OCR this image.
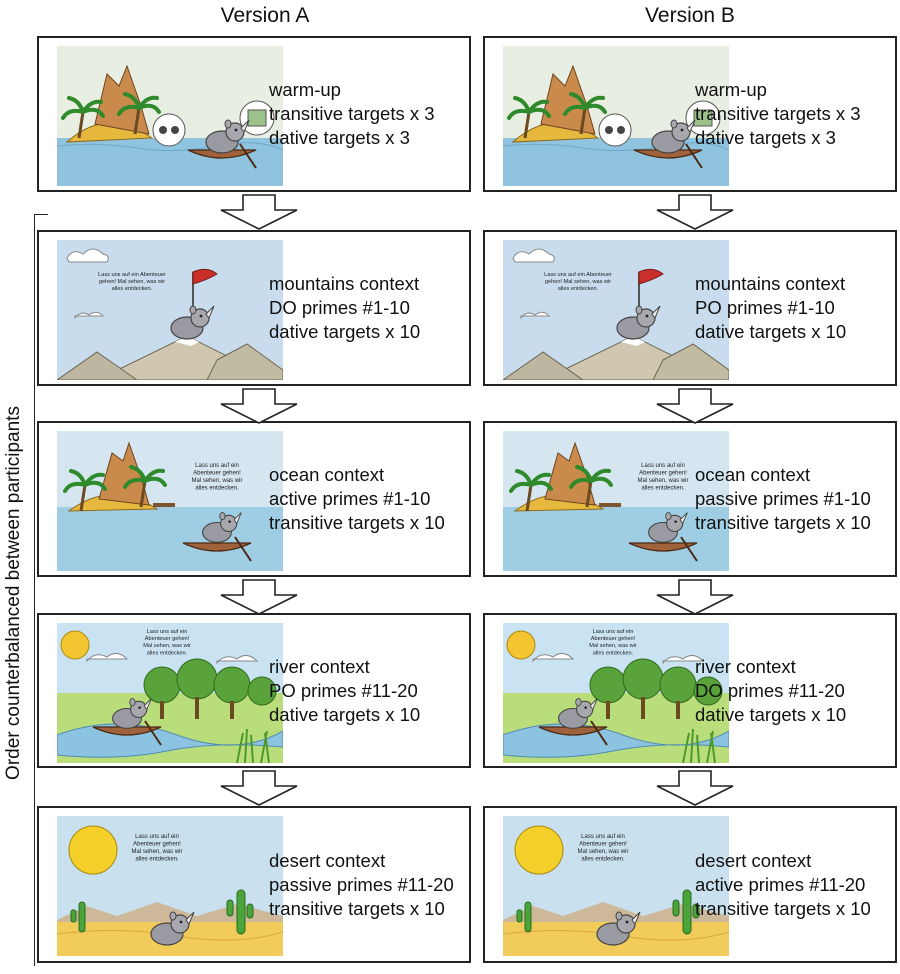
Version A	Version B
Order counterbalanced between participants
warm-up
transitive targets x 3
dative targets x 3
Lass uns auf ein Abenteuer
gehen! Mal sehen, was wir
alles entdecken.	mountains context
DO primes #1-10
dative targets x 10
Lass uns auf ein
Abenteuer gehen!
Mal sehen, was wir
alles entdecken.
ocean context
active primes #1-10
transitive targets x 10
Lass uns auf ein
Abenteuer gehen!
Mal sehen, was wir
alles entdecken.
river context
PO primes #11-20
dative targets x 10
Lass uns auf ein
Abenteuer gehen!
Mal sehen, was wir
alles entdecken.	desert context
passive primes #11-20
transitive targets x 10
warm-up
transitive targets x 3
dative targets x 3
Lass uns auf ein Abenteuer
gehen! Mal sehen, was wir
alles entdecken.	mountains context
PO primes #1-10
dative targets x 10
Lass uns auf ein
Abenteuer gehen!
Mal sehen, was wir
alles entdecken.
ocean context
passive primes #1-10
transitive targets x 10
Lass uns auf ein
Abenteuer gehen!
Mal sehen, was wir
alles entdecken.
river context
DO primes #11-20
dative targets x 10
Lass uns auf ein
Abenteuer gehen!
Mal sehen, was wir
alles entdecken.	desert context
active primes #11-20
transitive targets x 10
